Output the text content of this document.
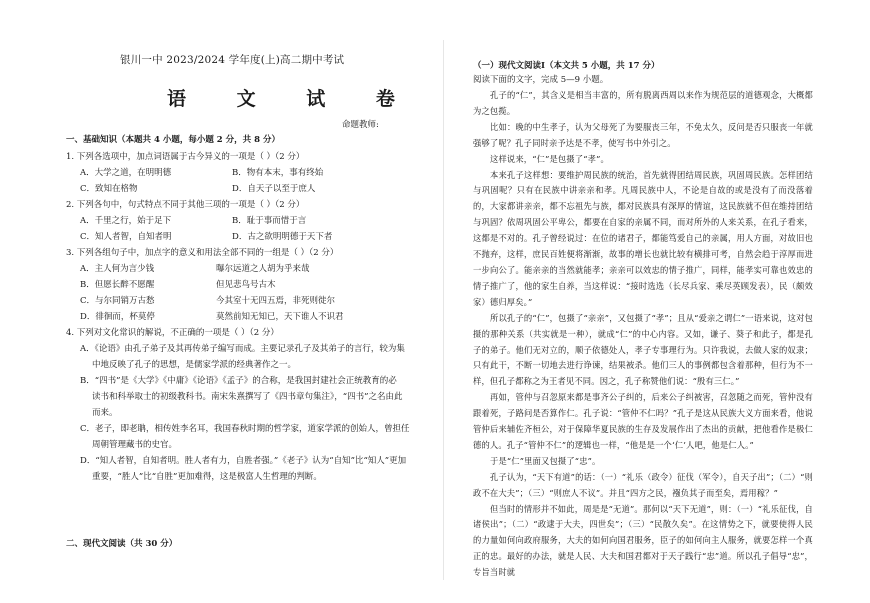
银川一中 2023/2024 学年度(上)高二期中考试
语 文 试 卷
命题教师:
一、基础知识（本题共 4 小题，每小题 2 分，共 8 分）
1. 下列各选项中，加点词语属于古今异义的一项是（ ）（2 分）
A．大学之道，在明明德	B．物有本末，事有终始
C．致知在格物	D．自天子以至于庶人
2. 下列各句中，句式特点不同于其他三项的一项是（ ）（2 分）
A．千里之行，始于足下	B．耻于事而惜于言
C．知人者智，自知者明	D．古之欲明明德于天下者
3. 下列各组句子中，加点字的意义和用法全部不同的一组是（ ）（2 分）
A．主人何为言少钱	曝尔远道之人胡为乎来哉
B．但愿长醉不愿醒	但见悲鸟号古木
C．与尔同销万古愁	今其室十无四五焉，非死则徙尔
D．徘徊而，杯莫停	莫然前知无知已，天下谁人不识君
4. 下列对文化常识的解说，不正确的一项是（ ）（2 分）
A．《论语》由孔子弟子及其再传弟子编写而成。主要记录孔子及其弟子的言行，较为集
中地反映了孔子的思想，是儒家学派的经典著作之一。
B．“四书”是《大学》《中庸》《论语》《孟子》的合称，是我国封建社会正统教育的必
读书和科举取士的初级教科书。南宋朱熹撰写了《四书章句集注》，“四书”之名由此
而来。
C．老子，即老聃，相传姓李名耳，我国春秋时期的哲学家，道家学派的创始人，曾担任
周朝管理藏书的史官。
D．“知人者智，自知者明。胜人者有力，自胜者强。”《老子》认为“自知”比“知人”更加
重要，“胜人”比“自胜”更加难得，这是极富人生哲理的判断。
二、现代文阅读（共 30 分）
（一）现代文阅读Ⅰ（本文共 5 小题，共 17 分）
阅读下面的文字，完成 5—9 小题。

孔子的“仁”，其含义是相当丰富的，所有脱离西周以来作为规范层的道德观念，大概都为之包揽。

比如：晚的中生孝子，认为父母死了为要服丧三年，不免太久，反问是否只服丧一年就强够了呢？孔子同时亲予达是不孝，使写书中外引之。

这样说来，“仁”是包摄了“孝”。

本来孔子这样想：要维护周民族的统治，首先就得团结周民族，巩固周民族。怎样团结与巩固呢？只有在民族中讲亲亲和孝。凡周民族中人，不论是自故的或是没有了而没落着的，大家都讲亲亲，都不忘祖先与族，都对民族具有深厚的情谊，这民族就不但在维持团结与巩固？依周巩固公平卑公，都要在自家的亲属不同，而对所外的人来关系，在孔子看来，这都是不对的。孔子曾经说过：在位的诸君子，都能笃爱自己的亲属，用人方面，对故旧也不抛弃，这样，庶民百姓便将渐渐，故事的增长也就比较有横排可考，自然会趋于淳厚而进一步向公了。能亲亲的当然就能孝；亲亲可以效忠的情子推广，同样，能孝实可靠也效忠的情子推广了，他的家生自养，当这样说：“接时选选（长尽兵家、乘尽英顾发表），民（颇效家）德归厚矣。”

所以孔子的“仁”，包摄了“亲亲”，又包摄了“孝”；且从“爱亲之谓仁”一语来说，这对包摄的那种关系（共实就是一种），就成“仁”的中心内容。又如，谦子、葵子和此子，都是孔子的弟子。他们无对立的，顺子依德处人，孝子专事理行为。只许我说，去做人家的奴隶；只有此干，不断一切地去进行诤谏，结果被杀。他们三人的事例都包含着那种，但行为不一样，但孔子都称之为王者见不同。因之，孔子称赞他们说：“殷有三仁。”

再如，管仲与召忽原来都是事齐公子纠的，后来公子纠被害，召忽随之而死，管仲没有跟着死，子路问是否算作仁。孔子说：“管仲不仁吗？”孔子是这从民族大义方面来看，他说管仲后来辅佐齐桓公，对于保障华夏民族的生存及发展作出了杰出的贡献，把他看作是极仁德的人。孔子“管仲不仁”的逻辑也一样，“他是是一个‘仁’人吧，他是仁人。”

于是“仁”里面又包摄了“忠”。

孔子认为，“天下有道”的话：（一）“礼乐（政令）征伐（军令），自天子出”；（二）“则政不在大夫”；（三）“则庶人不议”。并且“四方之民，襁负其子而至矣，焉用稼？”

但当时的情形并不如此，周是是“无道”。那何以“天下无道”，则：（一）“礼乐征伐，自诸侯出”；（二）“政逮于大夫，四世矣”；（三）“民散久矣”。在这情势之下，就要使得人民的力量如何向政府服务，大夫的如何向国君服务，臣子的如何向主人服务，就要怎样一个真正的忠。最好的办法，就是人民、大夫和国君都对于天子践行“忠”道。所以孔子倡导“忠”，专旨当时就
